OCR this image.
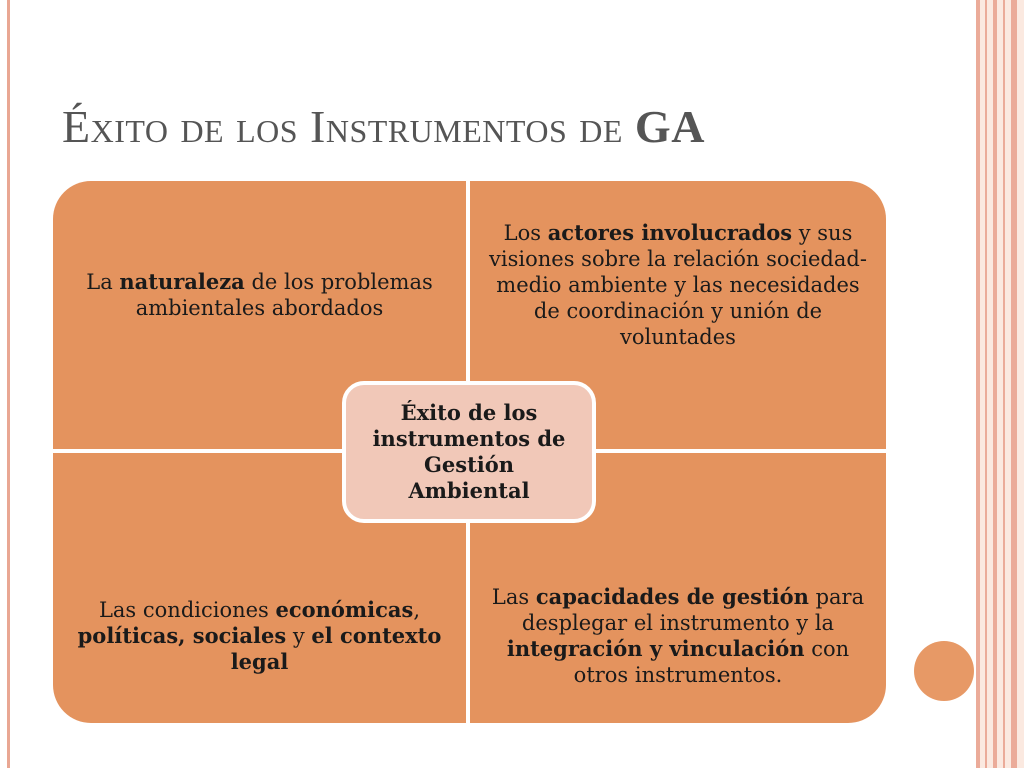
Éxito de los Instrumentos de GA
La naturaleza de los problemas ambientales abordados
Los actores involucrados y sus visiones sobre la relación sociedad-medio ambiente y las necesidades de coordinación y unión de voluntades
Las condiciones económicas, políticas, sociales y el contexto legal
Las capacidades de gestión para desplegar el instrumento y la integración y vinculación con otros instrumentos.
Éxito de los instrumentos de Gestión Ambiental
